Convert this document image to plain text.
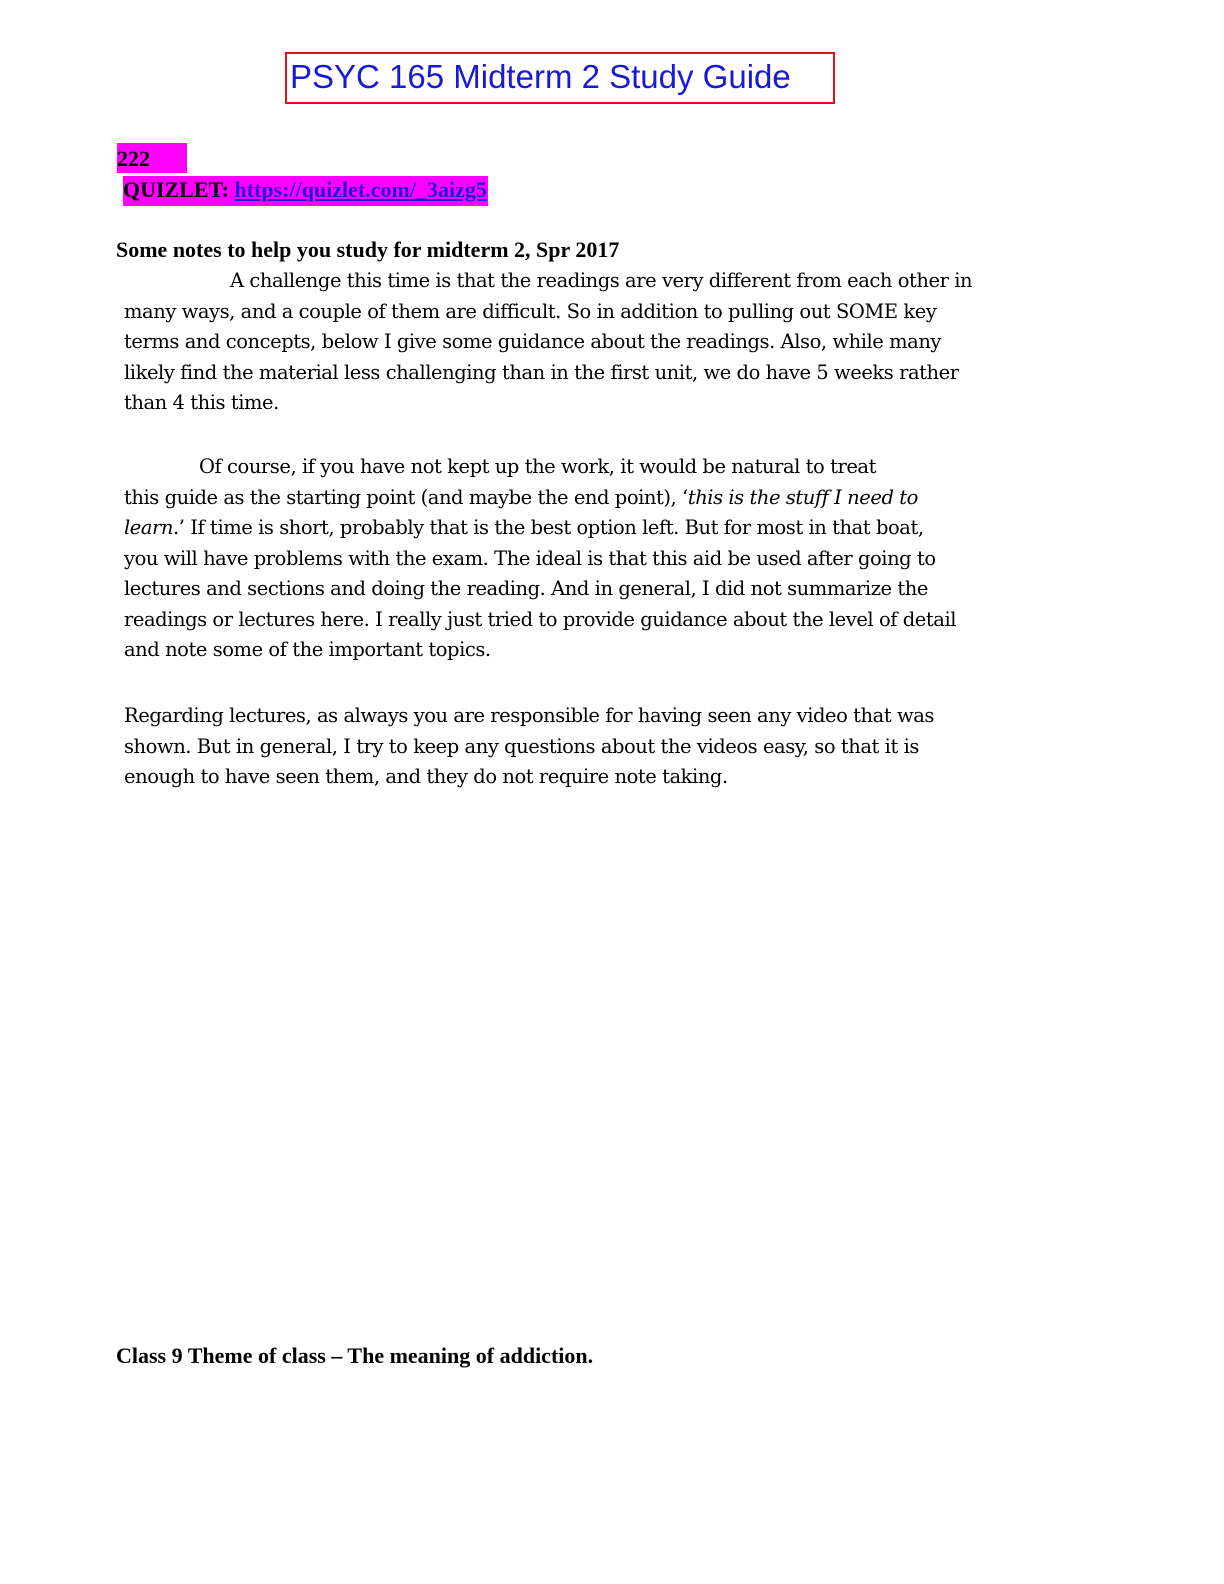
PSYC 165 Midterm 2 Study Guide
222
QUIZLET: https://quizlet.com/_3aizg5
Some notes to help you study for midterm 2, Spr 2017
A challenge this time is that the readings are very different from each other in
many ways, and a couple of them are difficult. So in addition to pulling out SOME key
terms and concepts, below I give some guidance about the readings. Also, while many
likely find the material less challenging than in the first unit, we do have 5 weeks rather
than 4 this time.
Of course, if you have not kept up the work, it would be natural to treat
this guide as the starting point (and maybe the end point), ‘this is the stuff I need to
learn.’ If time is short, probably that is the best option left. But for most in that boat,
you will have problems with the exam. The ideal is that this aid be used after going to
lectures and sections and doing the reading. And in general, I did not summarize the
readings or lectures here. I really just tried to provide guidance about the level of detail
and note some of the important topics.
Regarding lectures, as always you are responsible for having seen any video that was
shown. But in general, I try to keep any questions about the videos easy, so that it is
enough to have seen them, and they do not require note taking.
Class 9 Theme of class – The meaning of addiction.
